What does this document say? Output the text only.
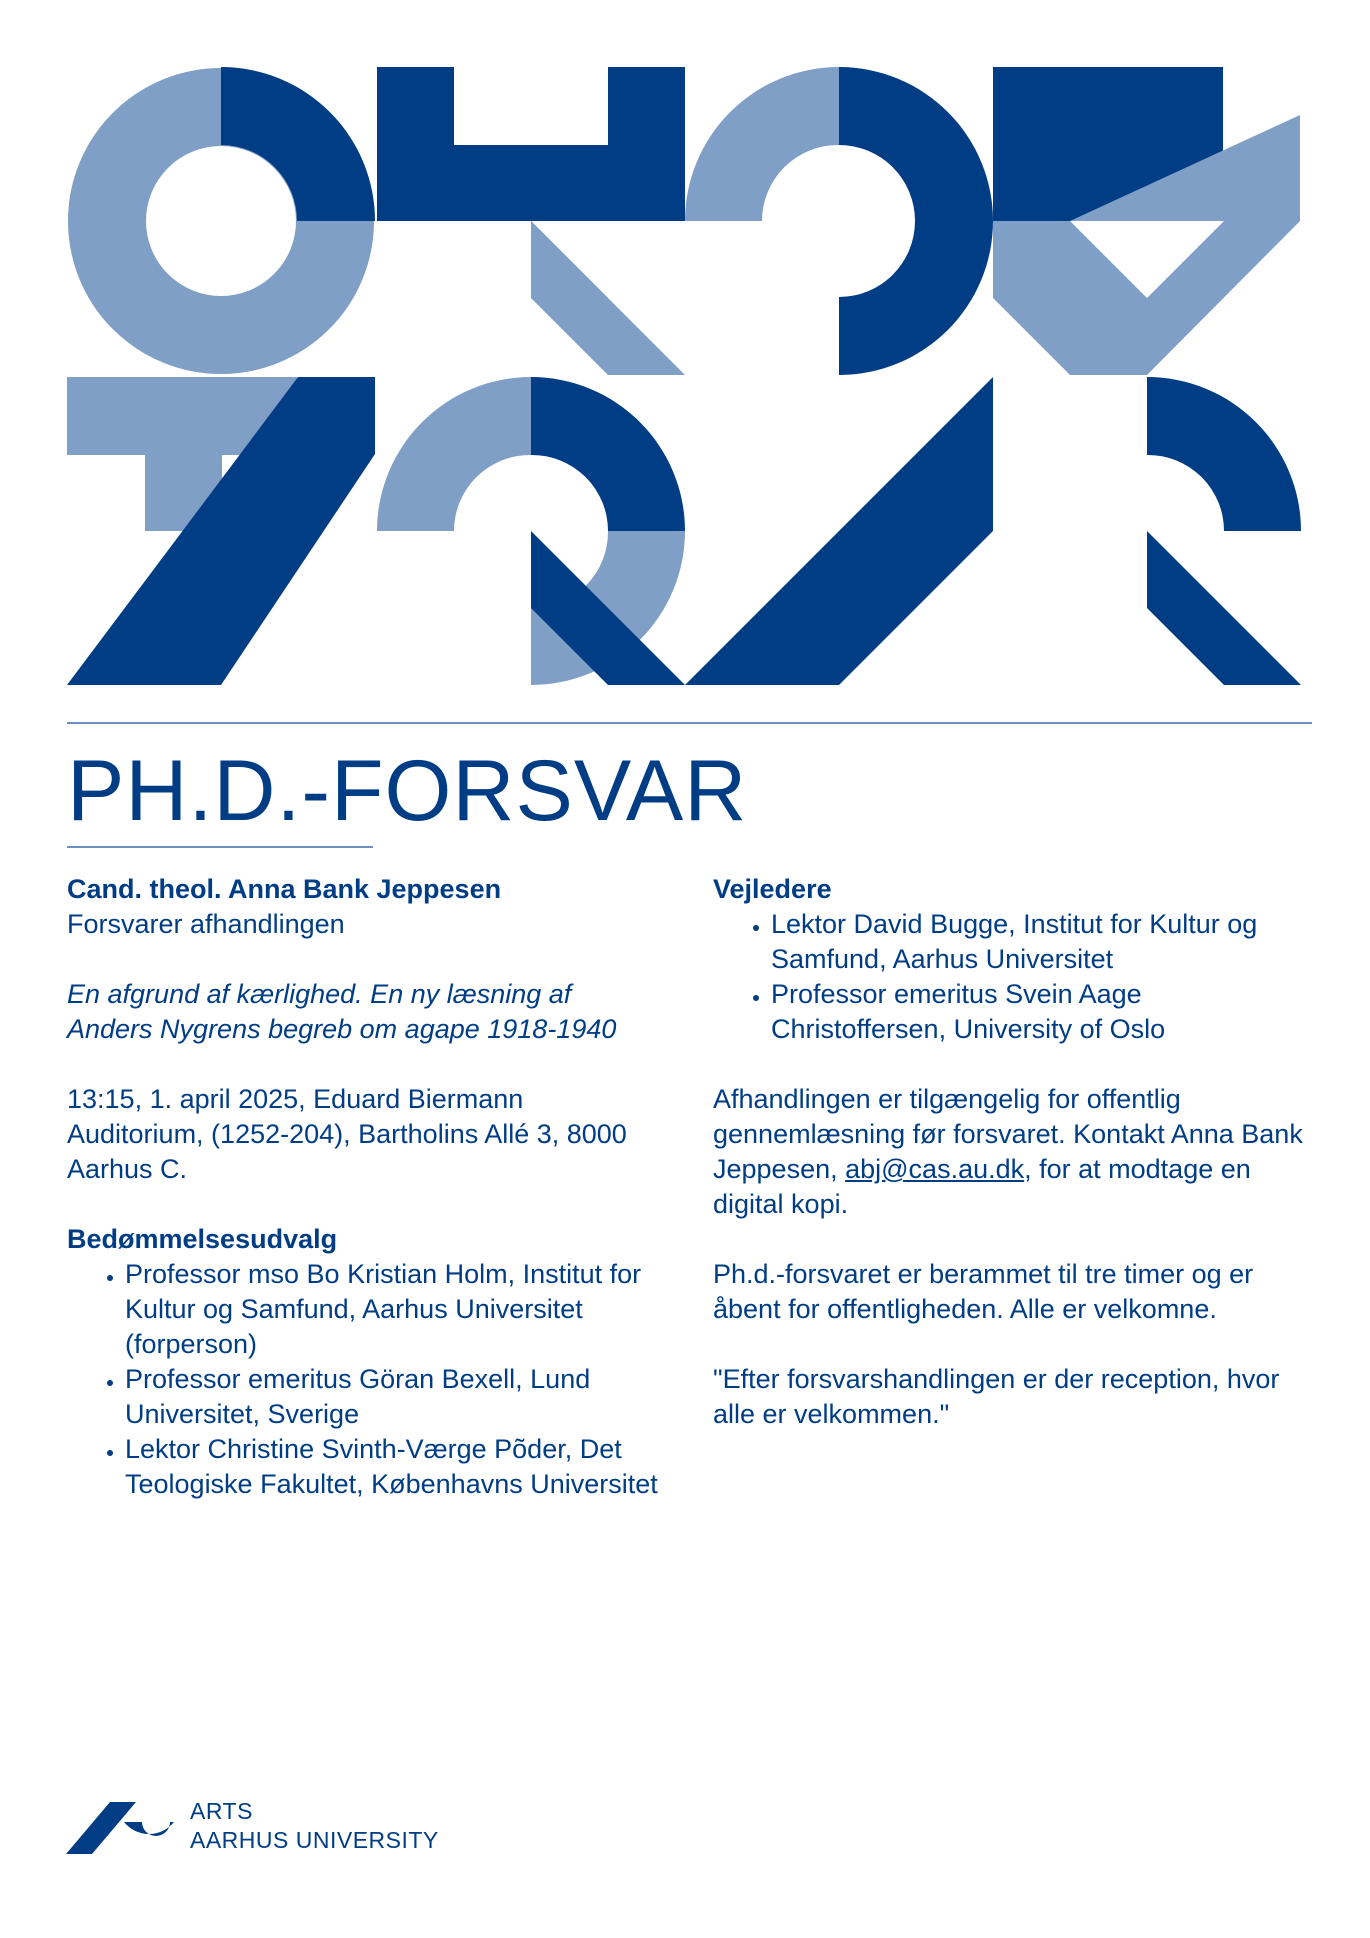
PH.D.-FORSVAR

Cand. theol. Anna Bank Jeppesen

Forsvarer afhandlingen

En afgrund af kærlighed. En ny læsning af Anders Nygrens begreb om agape 1918-1940

13:15, 1. april 2025, Eduard Biermann Auditorium, (1252-204), Bartholins Allé 3, 8000 Aarhus C.

Bedømmelsesudvalg

• Professor mso Bo Kristian Holm, Institut for Kultur og Samfund, Aarhus Universitet (forperson)
• Professor emeritus Göran Bexell, Lund Universitet, Sverige
• Lektor Christine Svinth-Værge Põder, Det Teologiske Fakultet, Københavns Universitet

Vejledere

• Lektor David Bugge, Institut for Kultur og Samfund, Aarhus Universitet
• Professor emeritus Svein Aage Christoffersen, University of Oslo

Afhandlingen er tilgængelig for offentlig gennemlæsning før forsvaret. Kontakt Anna Bank Jeppesen, abj@cas.au.dk, for at modtage en digital kopi.

Ph.d.-forsvaret er berammet til tre timer og er åbent for offentligheden. Alle er velkomne.

"Efter forsvarshandlingen er der reception, hvor alle er velkommen."

ARTS
AARHUS UNIVERSITY
